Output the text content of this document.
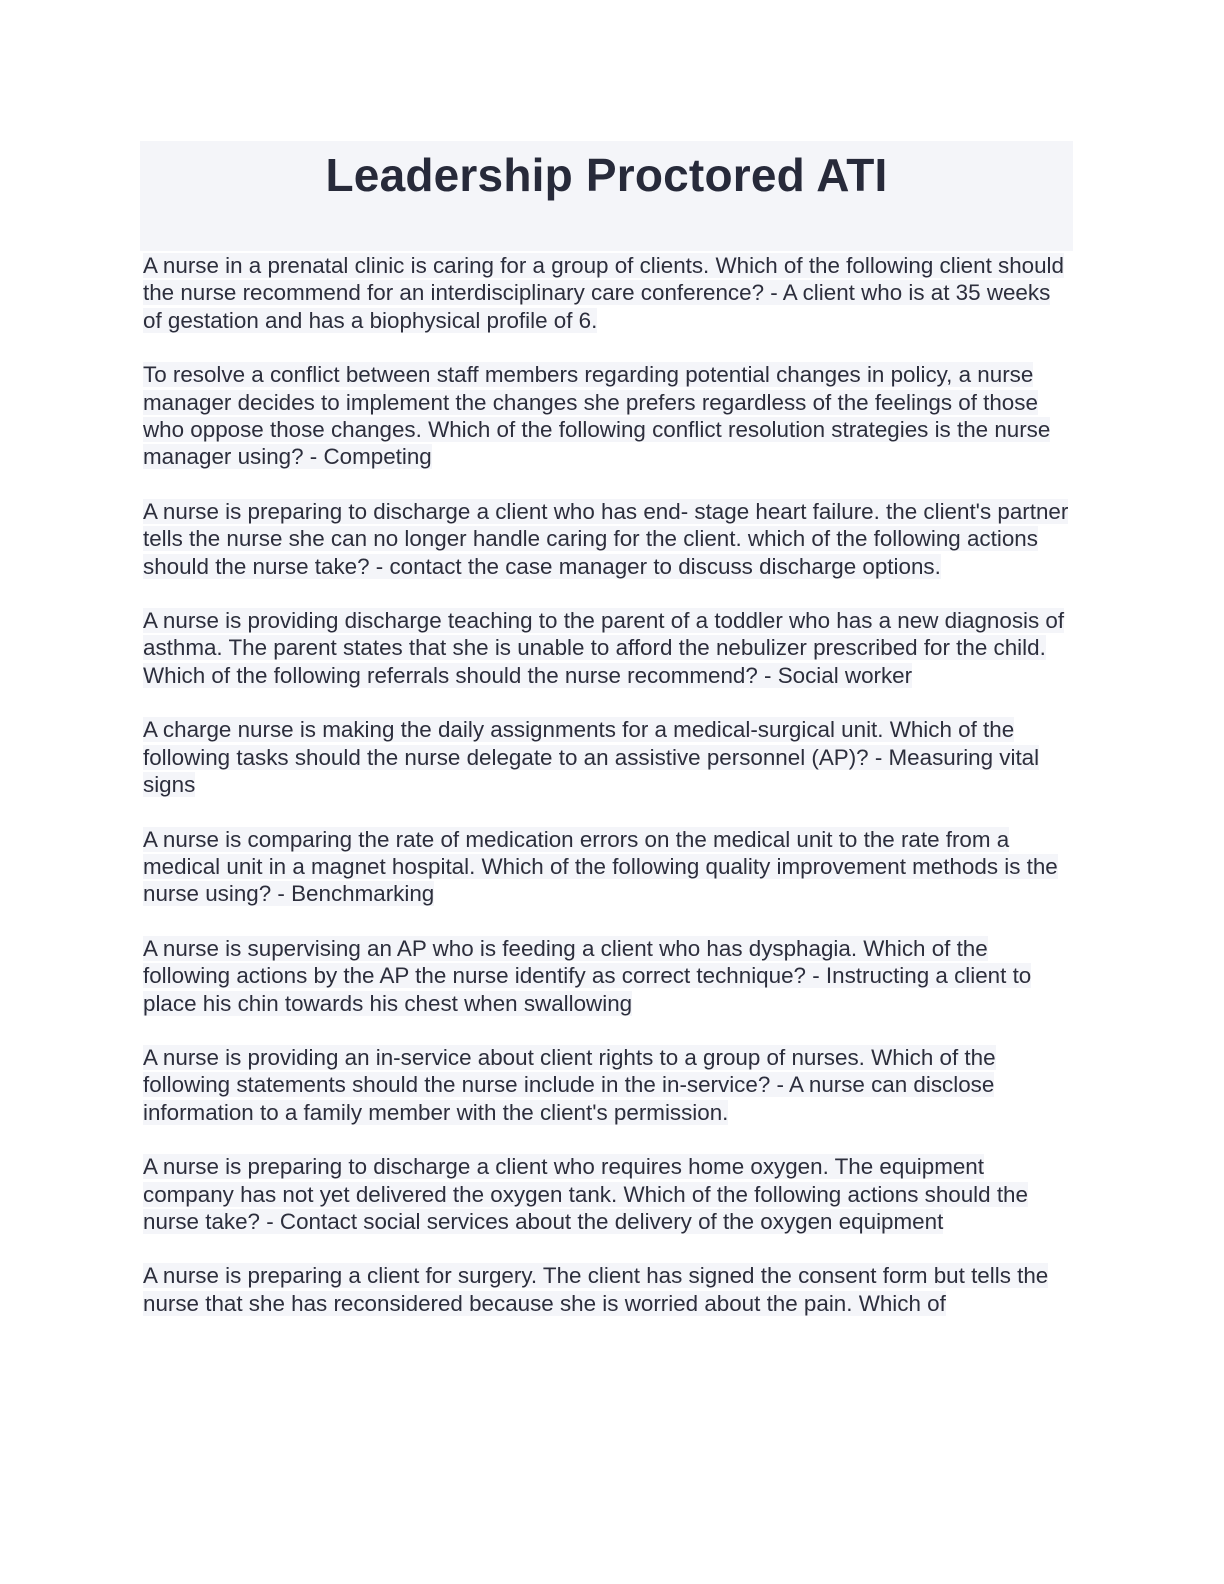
Leadership Proctored ATI

A nurse in a prenatal clinic is caring for a group of clients. Which of the following client should the nurse recommend for an interdisciplinary care conference? - A client who is at 35 weeks of gestation and has a biophysical profile of 6.

To resolve a conflict between staff members regarding potential changes in policy, a nurse manager decides to implement the changes she prefers regardless of the feelings of those who oppose those changes. Which of the following conflict resolution strategies is the nurse manager using? - Competing

A nurse is preparing to discharge a client who has end- stage heart failure. the client's partner tells the nurse she can no longer handle caring for the client. which of the following actions should the nurse take? - contact the case manager to discuss discharge options.

A nurse is providing discharge teaching to the parent of a toddler who has a new diagnosis of asthma. The parent states that she is unable to afford the nebulizer prescribed for the child. Which of the following referrals should the nurse recommend? - Social worker

A charge nurse is making the daily assignments for a medical-surgical unit. Which of the following tasks should the nurse delegate to an assistive personnel (AP)? - Measuring vital signs

A nurse is comparing the rate of medication errors on the medical unit to the rate from a medical unit in a magnet hospital. Which of the following quality improvement methods is the nurse using? - Benchmarking

A nurse is supervising an AP who is feeding a client who has dysphagia. Which of the following actions by the AP the nurse identify as correct technique? - Instructing a client to place his chin towards his chest when swallowing

A nurse is providing an in-service about client rights to a group of nurses. Which of the following statements should the nurse include in the in-service? - A nurse can disclose information to a family member with the client's permission.

A nurse is preparing to discharge a client who requires home oxygen. The equipment company has not yet delivered the oxygen tank. Which of the following actions should the nurse take? - Contact social services about the delivery of the oxygen equipment

A nurse is preparing a client for surgery. The client has signed the consent form but tells the nurse that she has reconsidered because she is worried about the pain. Which of
